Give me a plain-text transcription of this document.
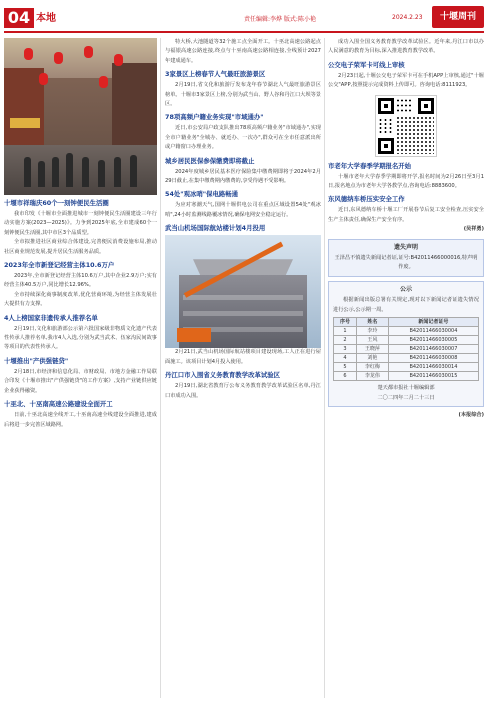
04 本地	责任编辑:李烨 版式:陈小艳	2024.2.23	十堰周刊
十堰市祥瑞庆60个一刻钟便民生活圈
我市印发《十堰市全面推进城市一刻钟便民生活圈建设三年行动实施方案(2023—2025)》。力争到2025年底,全市建成60个一刻钟便民生活圈,其中市区3个品质型。
全市拟推进社区商业综合体建设,完善便民消费设施布局,推动社区商业规范发展,提升居民生活服务品质。
2023年全市新登记经营主体10.6万户
2023年,全市新登记经营主体10.6万户,其中企业2.9万户;实有经营主体40.5万户,同比增长12.96%。
全市持续深化商事制度改革,优化营商环境,为经营主体发展壮大提供有力支撑。
4人上榜国家非遗传承人推荐名单
2月19日,文化和旅游部公示第六批国家级非物质文化遗产代表性传承人推荐名单,我市4人入选,分别为武当武术、伍家沟民间故事等项目的代表性传承人。
十堰推出"产供强链贷"
2月18日,市经济和信息化局、市财政局、市地方金融工作局联合印发《十堰市推出"产供强链贷"的工作方案》,支持产业链供应链企业获得融资。
十巫北、十巫南高速公路建设全面开工
日前,十巫北高速全线开工,十巫南高速全线建设全面推进,建成后将进一步完善区域路网。
特大桥,大池隧道等32个施工点全面开工。十巫北高速公路起点与福银高速公路连接,终点与十巫南高速公路相连接,全线预计2027年建成通车。
3家景区上榜春节人气最旺旅游景区
2月19日,省文化和旅游厅发布龙年春节湖北人气最旺旅游景区榜单。十堰市3家景区上榜,分别为武当山、野人谷和丹江口大坝等景区。
78项高频户籍业务实现"市域通办"
近日,市公安局户政支队推出78项高频户籍业务"市域通办",实现全市户籍业务"全城办、就近办、一次办",群众可在全市任意派出所或户籍窗口办理业务。
城乡居民医保参保缴费即将截止
2024年度城乡居民基本医疗保险集中缴费期即将于2024年2月29日截止,在集中缴费期内缴费的,享受待遇不受影响。
54处"观冰哨"保电路畅通
为应对寒潮天气,国网十堰供电公司在重点区域设置54处"观冰哨",24小时监测线路覆冰情况,确保电网安全稳定运行。
武当山机场国际航站楼计划4月投用
2月21日,武当山机场国际航站楼项目建设现场,工人正在进行屋面施工。该项目计划4月投入使用。
丹江口市入围省义务教育教学改革试验区
2月19日,湖北省教育厅公布义务教育教学改革试验区名单,丹江口市成功入围。
成功入围全国义务教育教学改革试验区。近年来,丹江口市以办人民满意的教育为目标,深入推进教育教学改革。
公交电子荣军卡可线上审核
2月23日起,十堰公交电子荣军卡可在手机APP上审核,通过"十堰公交"APP,按照提示完成资料上传即可。咨询电话:8111923。
市老年大学春季学期报名开始
十堰市老年大学春季学期即将开学,报名时间为2月26日至3月1日,报名地点为市老年大学各教学点,咨询电话:8883600。
东风德纳车桥压实安全工作
近日,东风德纳车桥十堰工厂开展春节后复工安全检查,压实安全生产主体责任,确保生产安全有序。
(吴祥勇)
遗失声明
王泽昌不慎遗失新闻记者证,证号:B42011466000016,特声明作废。
公示
根据新闻出版总署有关规定,现对以下新闻记者证遗失情况进行公示,公示期一周。
序号	姓名	新闻记者证号
1	李玲	B42011466030004
2	王风	B42011466030005
3	王晓萍	B42011466030007
4	刘艳	B42011466030008
5	李红梅	B42011466030014
6	李龙伟	B42011466030015
楚天都市报社十堰编辑部
二〇二四年二月二十三日
(本报综合)
